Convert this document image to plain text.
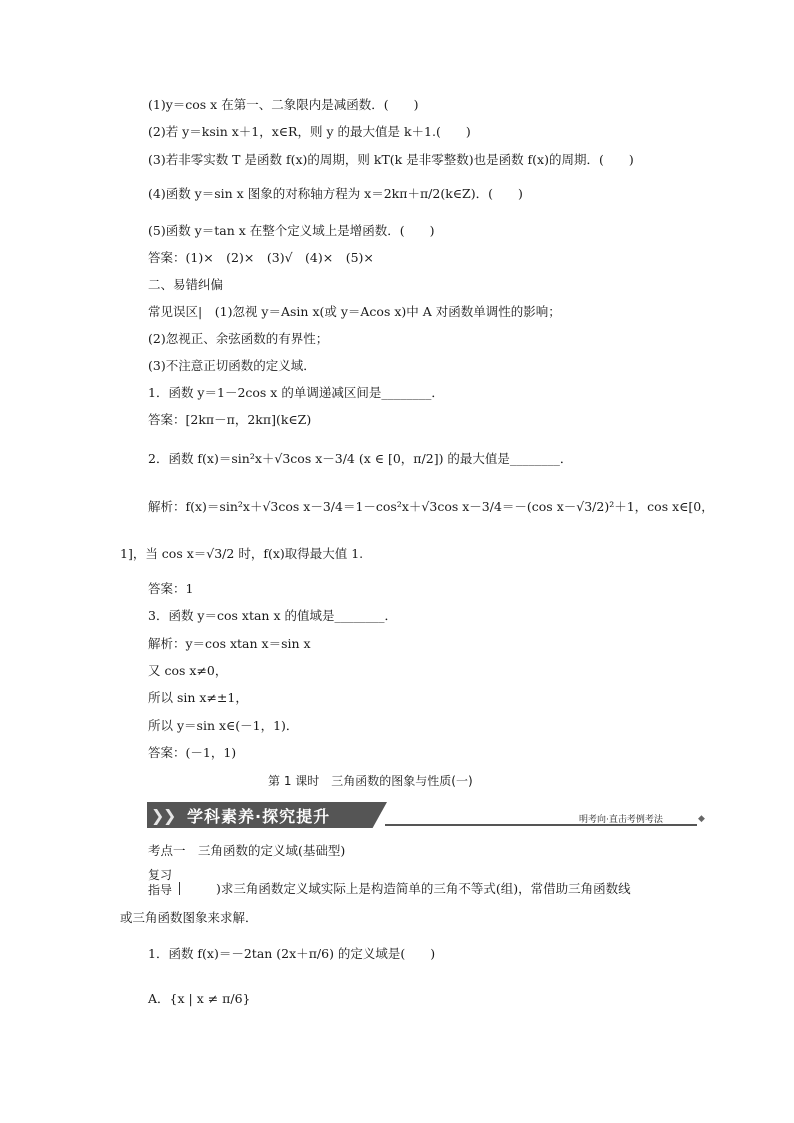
(1)y＝cos x 在第一、二象限内是减函数．(　　)
(2)若 y＝ksin x＋1，x∈R，则 y 的最大值是 k＋1.(　　)
(3)若非零实数 T 是函数 f(x)的周期，则 kT(k 是非零整数)也是函数 f(x)的周期．(　　)
(4)函数 y＝sin x 图象的对称轴方程为 x＝2kπ＋π/2(k∈Z)．(　　)
(5)函数 y＝tan x 在整个定义域上是增函数．(　　)
答案：(1)×　(2)×　(3)√　(4)×　(5)×
二、易错纠偏
常见误区|　(1)忽视 y＝Asin x(或 y＝Acos x)中 A 对函数单调性的影响；
(2)忽视正、余弦函数的有界性；
(3)不注意正切函数的定义域．
1．函数 y＝1－2cos x 的单调递减区间是________．
答案：[2kπ－π，2kπ](k∈Z)
2．函数 f(x)＝sin²x＋√3cos x－3/4 (x ∈ [0，π/2]) 的最大值是________．
解析：f(x)＝sin²x＋√3cos x－3/4＝1－cos²x＋√3cos x－3/4＝－(cos x－√3/2)²＋1，cos x∈[0，
1]，当 cos x＝√3/2 时，f(x)取得最大值 1.
答案：1
3．函数 y＝cos xtan x 的值域是________．
解析：y＝cos xtan x＝sin x
又 cos x≠0，
所以 sin x≠±1，
所以 y＝sin x∈(－1，1)．
答案：(－1，1)
第 1 课时　三角函数的图象与性质(一)
❯
❯ 学科素养·探究提升	明考向·直击考例考法	◆
考点一　三角函数的定义域(基础型)
复习
指导	)求三角函数定义域实际上是构造简单的三角不等式(组)，常借助三角函数线
或三角函数图象来求解．
1．函数 f(x)＝－2tan (2x＋π/6) 的定义域是(　　)
A．{x | x ≠ π/6}
